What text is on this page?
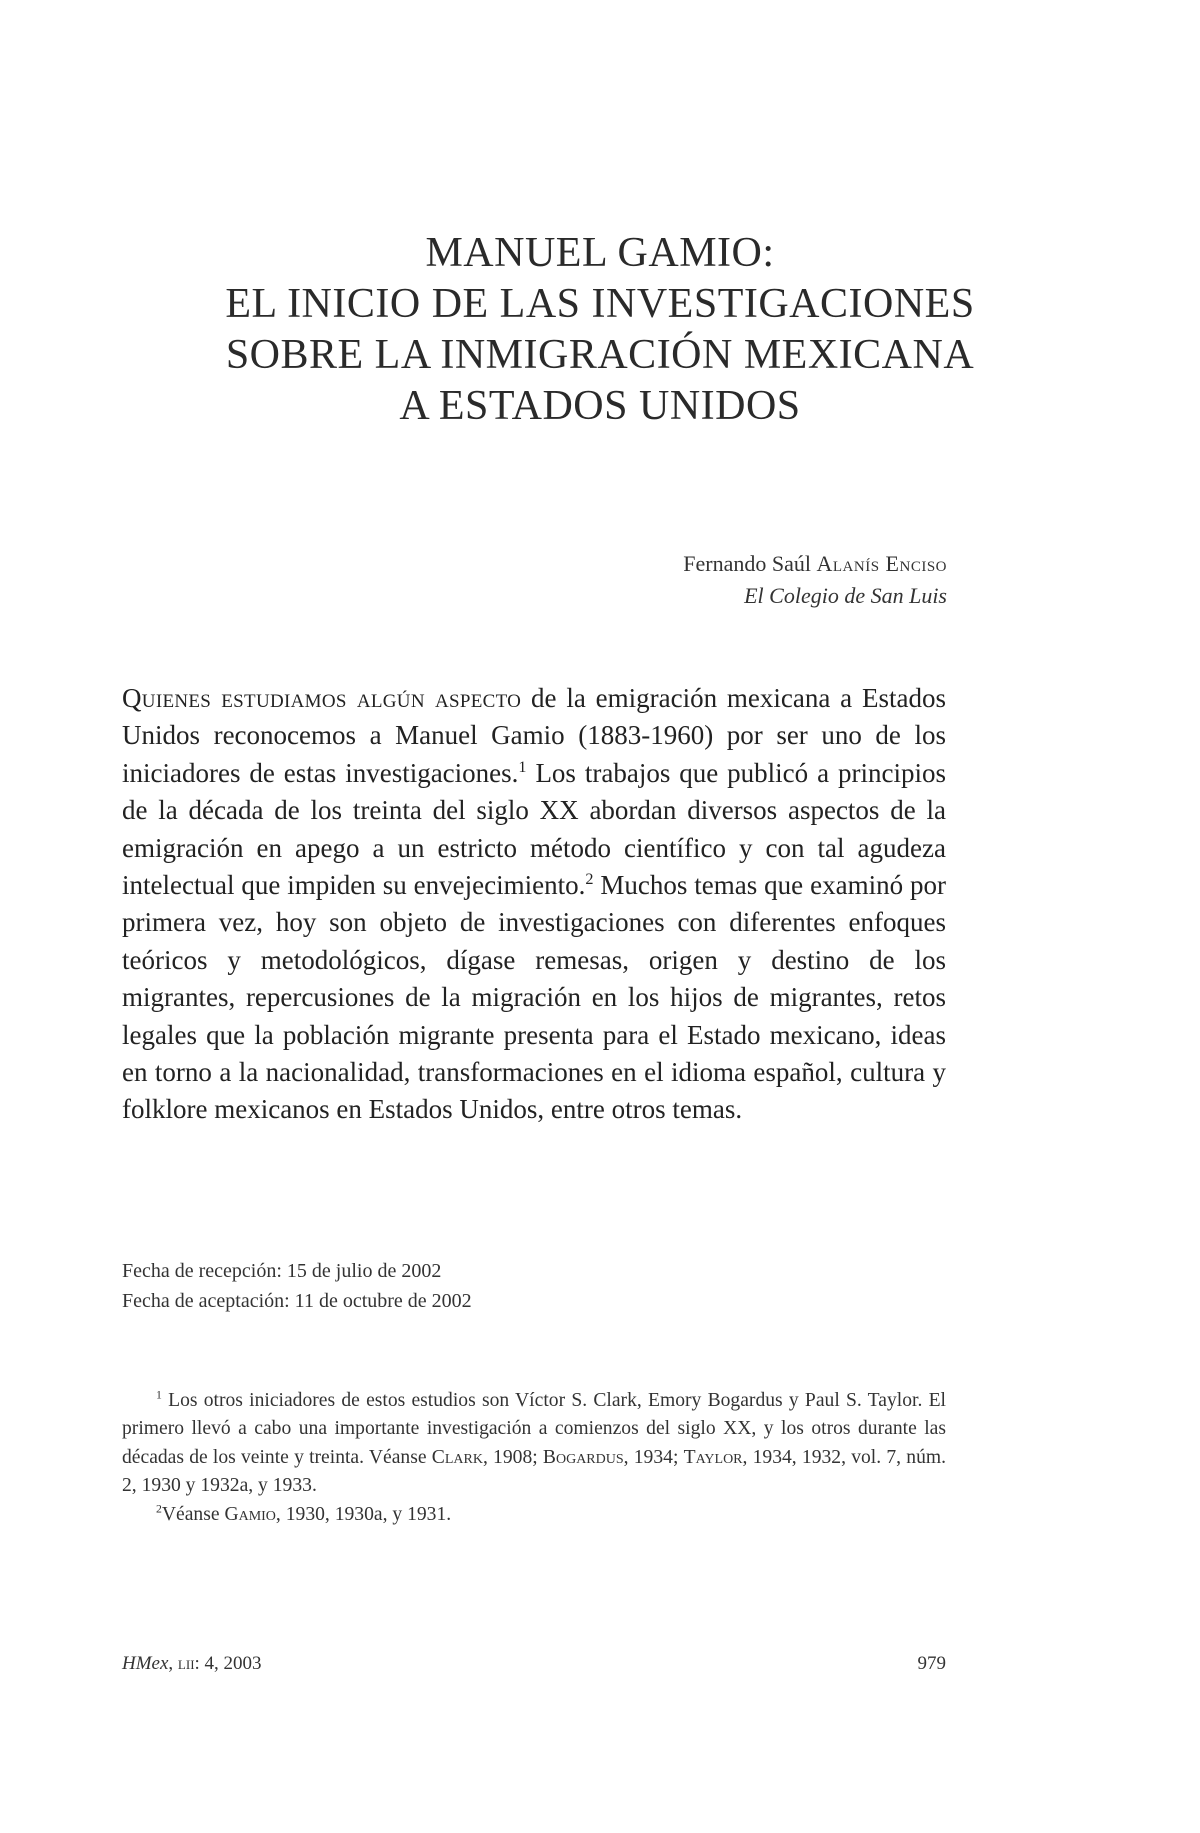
MANUEL GAMIO:
EL INICIO DE LAS INVESTIGACIONES
SOBRE LA INMIGRACIÓN MEXICANA
A ESTADOS UNIDOS
Fernando Saúl Alanís Enciso
El Colegio de San Luis
Quienes estudiamos algún aspecto de la emigración mexicana a Estados Unidos reconocemos a Manuel Gamio (1883-1960) por ser uno de los iniciadores de estas investigaciones.$^1$ Los trabajos que publicó a principios de la década de los treinta del siglo XX abordan diversos aspectos de la emigración en apego a un estricto método científico y con tal agudeza intelectual que impiden su envejecimiento.$^2$ Muchos temas que examinó por primera vez, hoy son objeto de investigaciones con diferentes enfoques teóricos y metodológicos, dígase remesas, origen y destino de los migrantes, repercusiones de la migración en los hijos de migrantes, retos legales que la población migrante presenta para el Estado mexicano, ideas en torno a la nacionalidad, transformaciones en el idioma español, cultura y folklore mexicanos en Estados Unidos, entre otros temas.
Fecha de recepción: 15 de julio de 2002
Fecha de aceptación: 11 de octubre de 2002

$^1$ Los otros iniciadores de estos estudios son Víctor S. Clark, Emory Bogardus y Paul S. Taylor. El primero llevó a cabo una importante investigación a comienzos del siglo XX, y los otros durante las décadas de los veinte y treinta. Véanse Clark, 1908; Bogardus, 1934; Taylor, 1934, 1932, vol. 7, núm. 2, 1930 y 1932a, y 1933.

$^2$Véanse Gamio, 1930, 1930a, y 1931.

HMex, lii: 4, 2003	979
